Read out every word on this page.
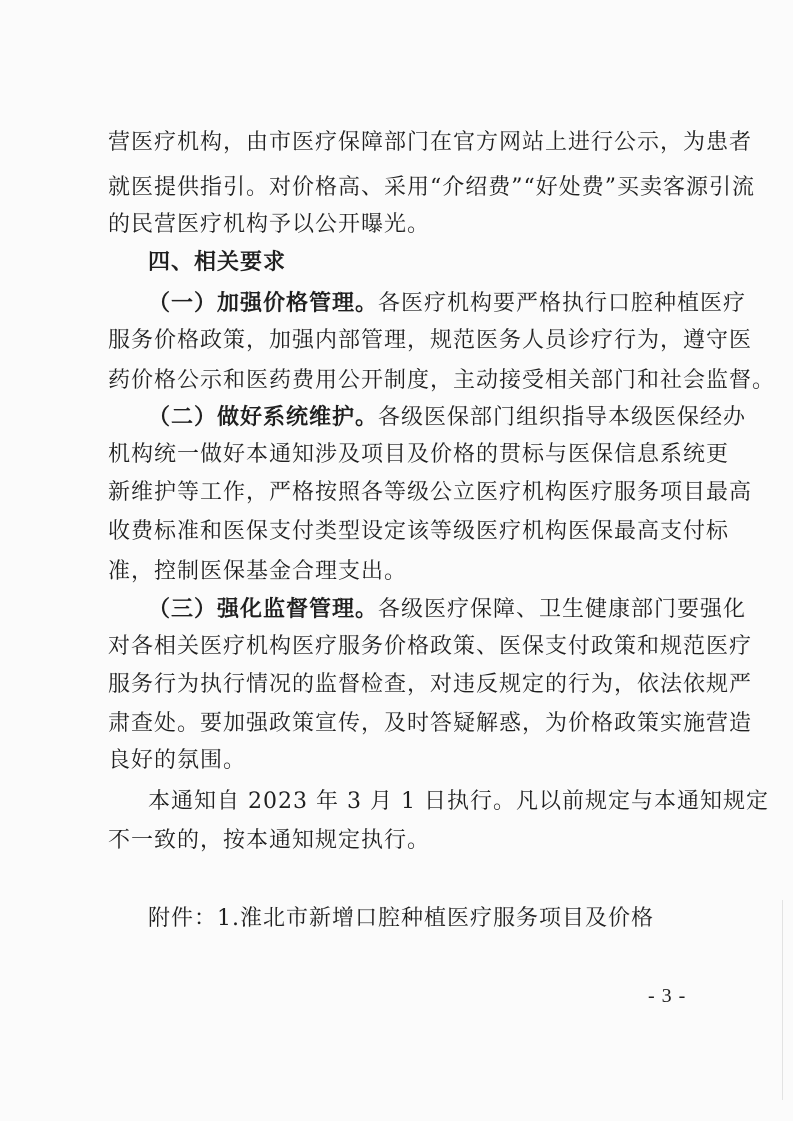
营医疗机构，由市医疗保障部门在官方网站上进行公示，为患者
就医提供指引。对价格高、采用“介绍费”“好处费”买卖客源引流
的民营医疗机构予以公开曝光。
四、相关要求
（一）加强价格管理。各医疗机构要严格执行口腔种植医疗
服务价格政策，加强内部管理，规范医务人员诊疗行为，遵守医
药价格公示和医药费用公开制度，主动接受相关部门和社会监督。
（二）做好系统维护。各级医保部门组织指导本级医保经办
机构统一做好本通知涉及项目及价格的贯标与医保信息系统更
新维护等工作，严格按照各等级公立医疗机构医疗服务项目最高
收费标准和医保支付类型设定该等级医疗机构医保最高支付标
准，控制医保基金合理支出。
（三）强化监督管理。各级医疗保障、卫生健康部门要强化
对各相关医疗机构医疗服务价格政策、医保支付政策和规范医疗
服务行为执行情况的监督检查，对违反规定的行为，依法依规严
肃查处。要加强政策宣传，及时答疑解惑，为价格政策实施营造
良好的氛围。
本通知自 2023 年 3 月 1 日执行。凡以前规定与本通知规定
不一致的，按本通知规定执行。
附件：1.淮北市新增口腔种植医疗服务项目及价格
- 3 -
